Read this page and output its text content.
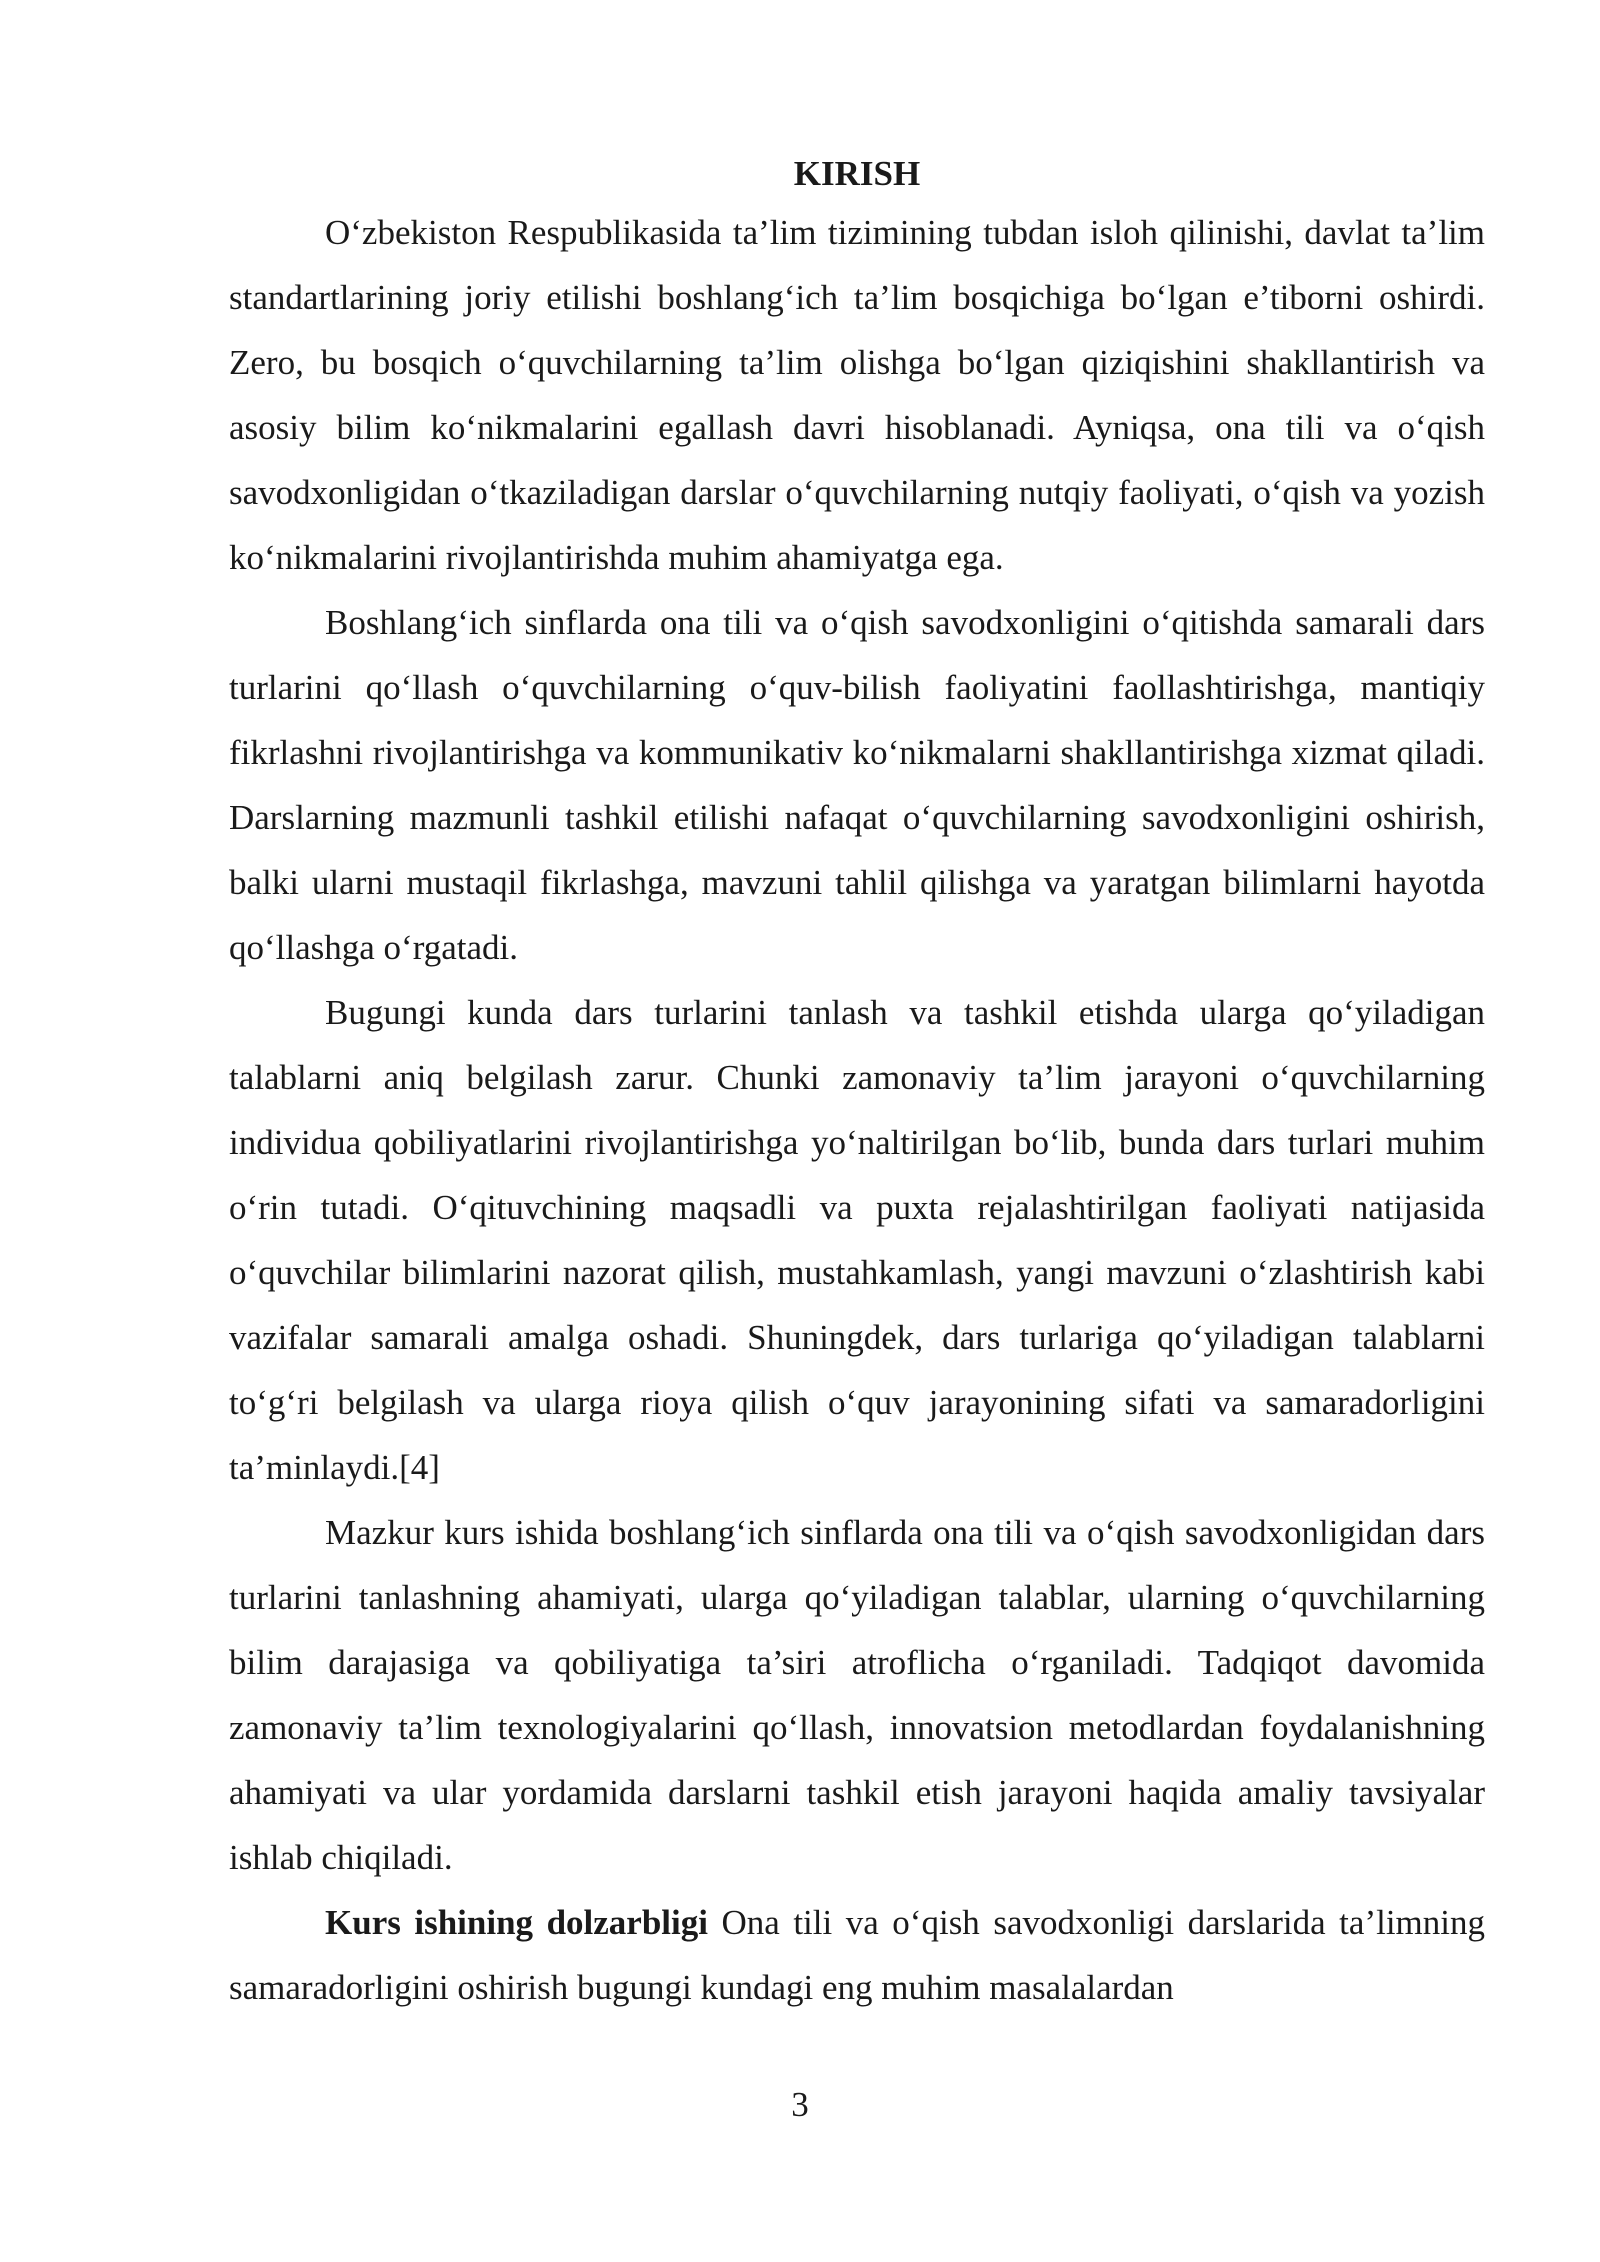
KIRISH

O‘zbekiston Respublikasida ta’lim tizimining tubdan isloh qilinishi, davlat ta’lim standartlarining joriy etilishi boshlang‘ich ta’lim bosqichiga bo‘lgan e’tiborni oshirdi. Zero, bu bosqich o‘quvchilarning ta’lim olishga bo‘lgan qiziqishini shakllantirish va asosiy bilim ko‘nikmalarini egallash davri hisoblanadi. Ayniqsa, ona tili va o‘qish savodxonligidan o‘tkaziladigan darslar o‘quvchilarning nutqiy faoliyati, o‘qish va yozish ko‘nikmalarini rivojlantirishda muhim ahamiyatga ega.

Boshlang‘ich sinflarda ona tili va o‘qish savodxonligini o‘qitishda samarali dars turlarini qo‘llash o‘quvchilarning o‘quv-bilish faoliyatini faollashtirishga, mantiqiy fikrlashni rivojlantirishga va kommunikativ ko‘nikmalarni shakllantirishga xizmat qiladi. Darslarning mazmunli tashkil etilishi nafaqat o‘quvchilarning savodxonligini oshirish, balki ularni mustaqil fikrlashga, mavzuni tahlil qilishga va yaratgan bilimlarni hayotda qo‘llashga o‘rgatadi.

Bugungi kunda dars turlarini tanlash va tashkil etishda ularga qo‘yiladigan talablarni aniq belgilash zarur. Chunki zamonaviy ta’lim jarayoni o‘quvchilarning individua qobiliyatlarini rivojlantirishga yo‘naltirilgan bo‘lib, bunda dars turlari muhim o‘rin tutadi. O‘qituvchining maqsadli va puxta rejalashtirilgan faoliyati natijasida o‘quvchilar bilimlarini nazorat qilish, mustahkamlash, yangi mavzuni o‘zlashtirish kabi vazifalar samarali amalga oshadi. Shuningdek, dars turlariga qo‘yiladigan talablarni to‘g‘ri belgilash va ularga rioya qilish o‘quv jarayonining sifati va samaradorligini ta’minlaydi.[4]

Mazkur kurs ishida boshlang‘ich sinflarda ona tili va o‘qish savodxonligidan dars turlarini tanlashning ahamiyati, ularga qo‘yiladigan talablar, ularning o‘quvchilarning bilim darajasiga va qobiliyatiga ta’siri atroflicha o‘rganiladi. Tadqiqot davomida zamonaviy ta’lim texnologiyalarini qo‘llash, innovatsion metodlardan foydalanishning ahamiyati va ular yordamida darslarni tashkil etish jarayoni haqida amaliy tavsiyalar ishlab chiqiladi.

Kurs ishining dolzarbligi Ona tili va o‘qish savodxonligi darslarida ta’limning samaradorligini oshirish bugungi kundagi eng muhim masalalardan

3
